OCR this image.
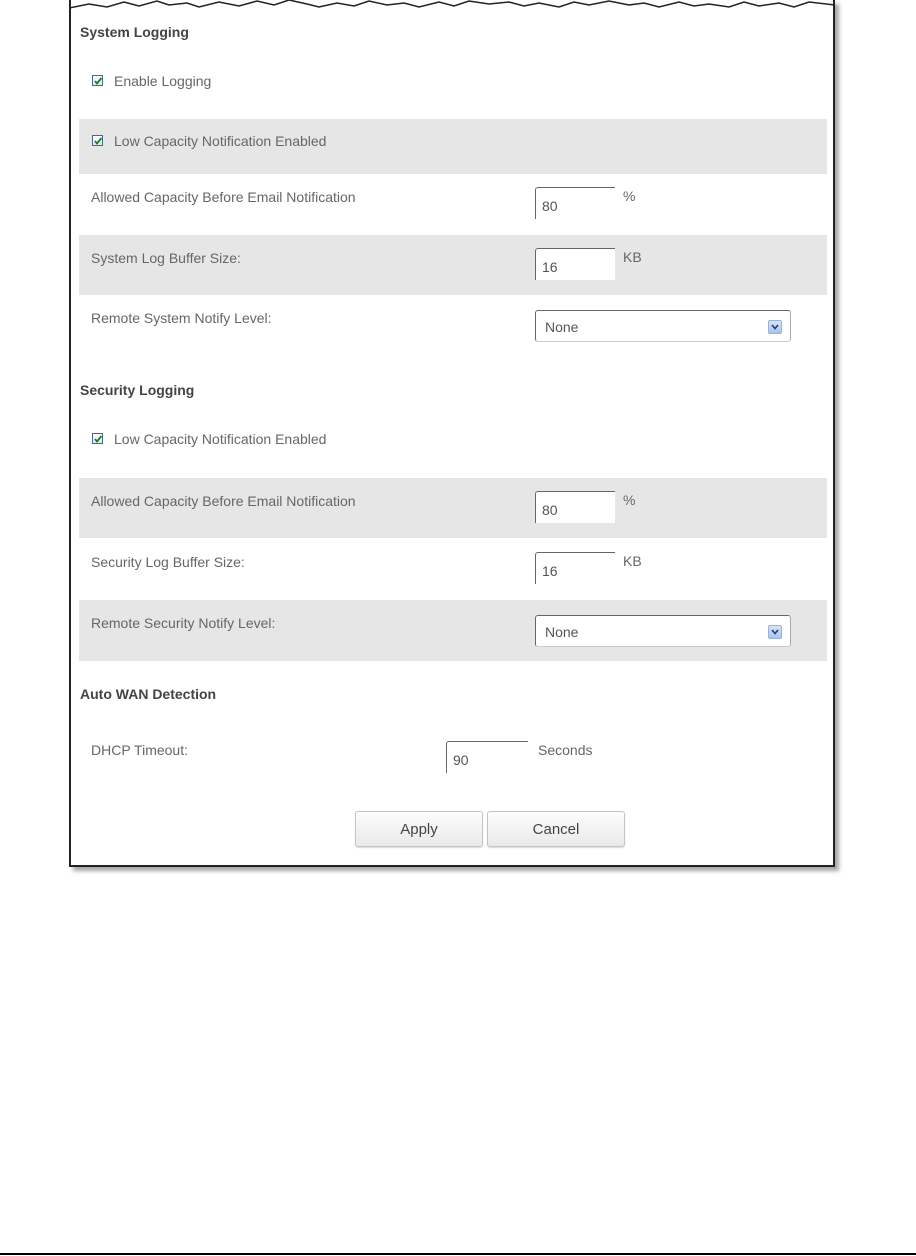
System Logging
Enable Logging
Low Capacity Notification Enabled
Allowed Capacity Before Email Notification
80
%
System Log Buffer Size:
16
KB
Remote System Notify Level:
None
Security Logging
Low Capacity Notification Enabled
Allowed Capacity Before Email Notification
80
%
Security Log Buffer Size:
16
KB
Remote Security Notify Level:
None
Auto WAN Detection
DHCP Timeout:
90
Seconds
Apply	Cancel
